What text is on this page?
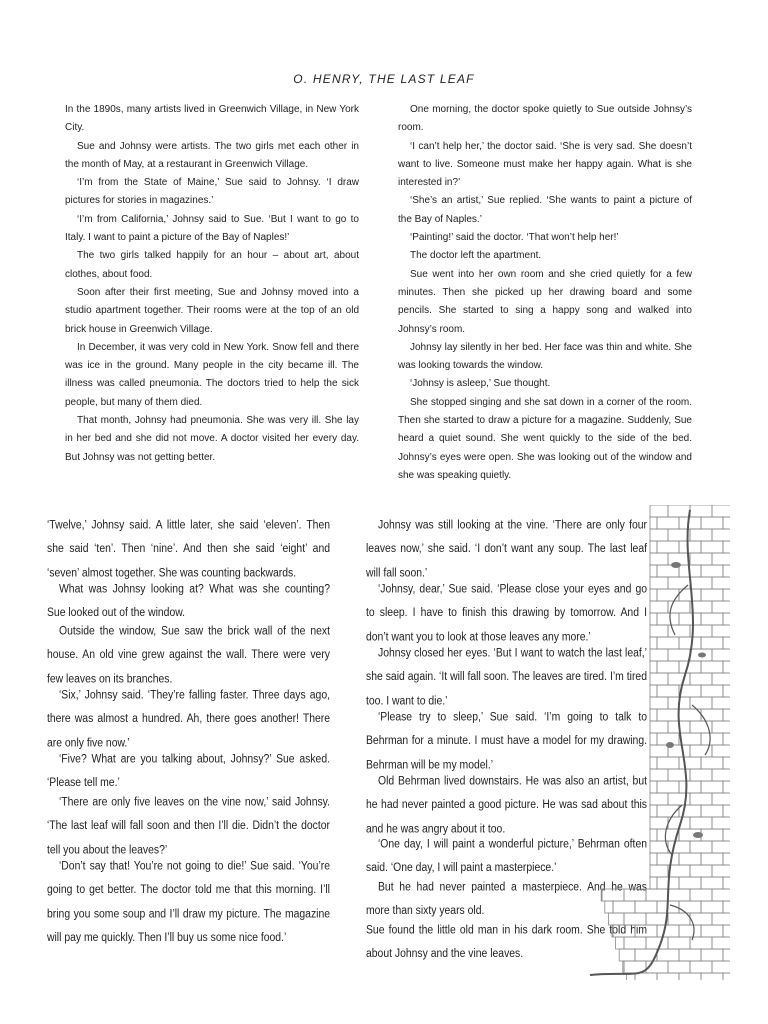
O. HENRY, THE LAST LEAF

In the 1890s, many artists lived in Greenwich Village, in New York City.

Sue and Johnsy were artists. The two girls met each other in the month of May, at a restaurant in Greenwich Village.

‘I’m from the State of Maine,’ Sue said to Johnsy. ‘I draw pictures for stories in magazines.’

‘I’m from California,’ Johnsy said to Sue. ‘But I want to go to Italy. I want to paint a picture of the Bay of Naples!’

The two girls talked happily for an hour – about art, about clothes, about food.

Soon after their first meeting, Sue and Johnsy moved into a studio apartment together. Their rooms were at the top of an old brick house in Greenwich Village.

In December, it was very cold in New York. Snow fell and there was ice in the ground. Many people in the city became ill. The illness was called pneumonia. The doctors tried to help the sick people, but many of them died.

That month, Johnsy had pneumonia. She was very ill. She lay in her bed and she did not move. A doctor visited her every day. But Johnsy was not getting better.

One morning, the doctor spoke quietly to Sue outside Johnsy’s room.

‘I can’t help her,’ the doctor said. ‘She is very sad. She doesn’t want to live. Someone must make her happy again. What is she interested in?’

‘She’s an artist,’ Sue replied. ‘She wants to paint a picture of the Bay of Naples.’

‘Painting!’ said the doctor. ‘That won’t help her!’

The doctor left the apartment.

Sue went into her own room and she cried quietly for a few minutes. Then she picked up her drawing board and some pencils. She started to sing a happy song and walked into Johnsy’s room.

Johnsy lay silently in her bed. Her face was thin and white. She was looking towards the window.

‘Johnsy is asleep,’ Sue thought.

She stopped singing and she sat down in a corner of the room. Then she started to draw a picture for a magazine. Suddenly, Sue heard a quiet sound. She went quickly to the side of the bed. Johnsy’s eyes were open. She was looking out of the window and she was speaking quietly.

‘Twelve,’ Johnsy said. A little later, she said ‘eleven’. Then she said ‘ten’. Then ‘nine’. And then she said ‘eight’ and ‘seven’ almost together. She was counting backwards.

What was Johnsy looking at? What was she counting? Sue looked out of the window.

Outside the window, Sue saw the brick wall of the next house. An old vine grew against the wall. There were very few leaves on its branches.

‘Six,’ Johnsy said. ‘They’re falling faster. Three days ago, there was almost a hundred. Ah, there goes another! There are only five now.’

‘Five? What are you talking about, Johnsy?’ Sue asked. ‘Please tell me.’

‘There are only five leaves on the vine now,’ said Johnsy. ‘The last leaf will fall soon and then I’ll die. Didn’t the doctor tell you about the leaves?’

‘Don’t say that! You’re not going to die!’ Sue said. ‘You’re going to get better. The doctor told me that this morning. I’ll bring you some soup and I’ll draw my picture. The magazine will pay me quickly. Then I’ll buy us some nice food.’

Johnsy was still looking at the vine. ‘There are only four leaves now,’ she said. ‘I don’t want any soup. The last leaf will fall soon.’

‘Johnsy, dear,’ Sue said. ‘Please close your eyes and go to sleep. I have to finish this drawing by tomorrow. And I don’t want you to look at those leaves any more.’

Johnsy closed her eyes. ‘But I want to watch the last leaf,’ she said again. ‘It will fall soon. The leaves are tired. I’m tired too. I want to die.’

‘Please try to sleep,’ Sue said. ‘I’m going to talk to Behrman for a minute. I must have a model for my drawing. Behrman will be my model.’

Old Behrman lived downstairs. He was also an artist, but he had never painted a good picture. He was sad about this and he was angry about it too.

‘One day, I will paint a wonderful picture,’ Behrman often said. ‘One day, I will paint a masterpiece.’

But he had never painted a masterpiece. And he was more than sixty years old.

Sue found the little old man in his dark room. She told him about Johnsy and the vine leaves.
